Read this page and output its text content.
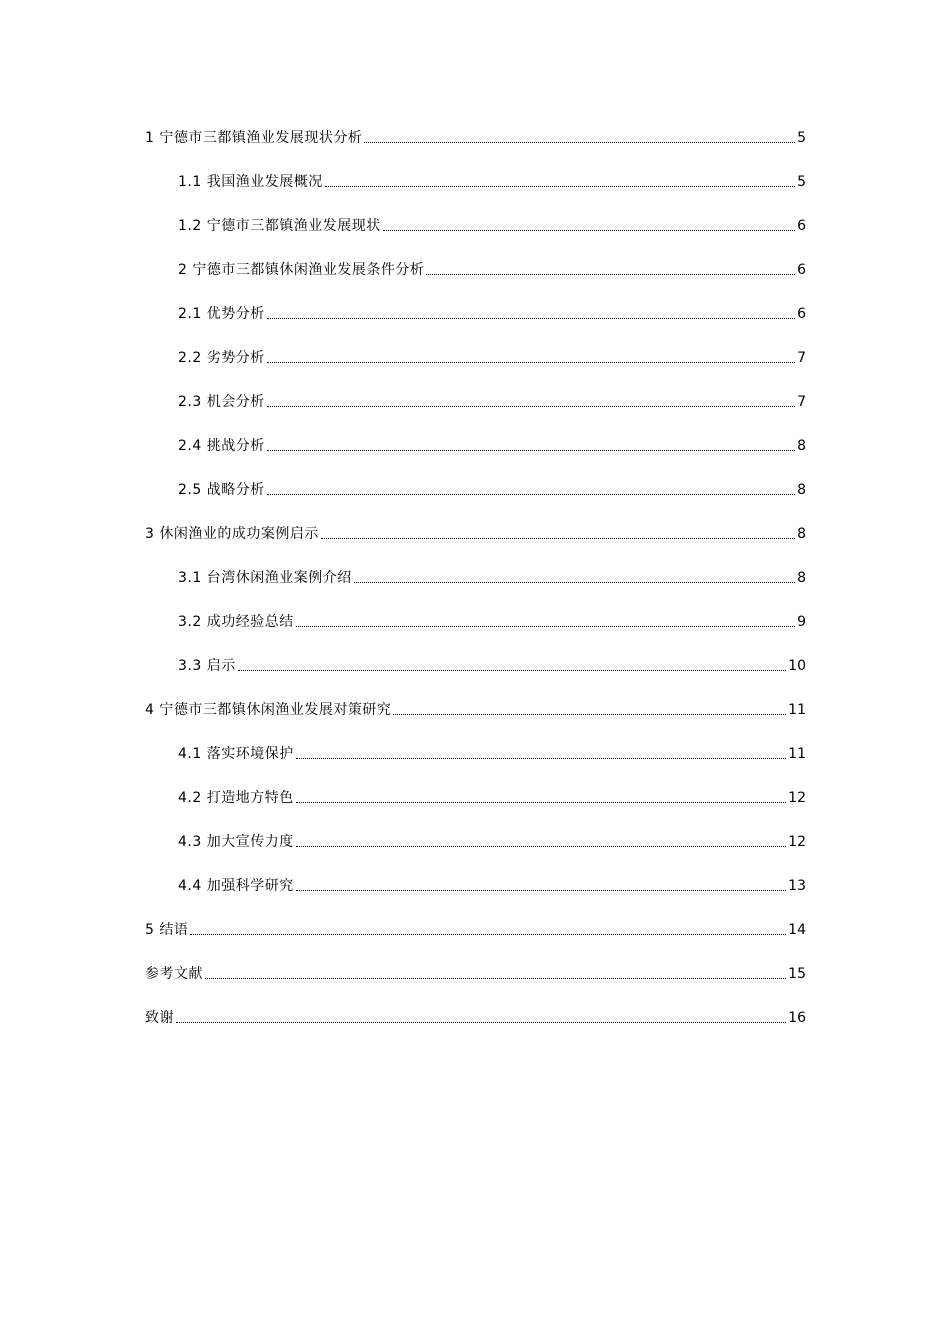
1 宁德市三都镇渔业发展现状分析	5
1.1 我国渔业发展概况	5
1.2 宁德市三都镇渔业发展现状	6
2 宁德市三都镇休闲渔业发展条件分析	6
2.1 优势分析	6
2.2 劣势分析	7
2.3 机会分析	7
2.4 挑战分析	8
2.5 战略分析	8
3 休闲渔业的成功案例启示	8
3.1 台湾休闲渔业案例介绍	8
3.2 成功经验总结	9
3.3 启示	10
4 宁德市三都镇休闲渔业发展对策研究	11
4.1 落实环境保护	11
4.2 打造地方特色	12
4.3 加大宣传力度	12
4.4 加强科学研究	13
5 结语	14
参考文献	15
致谢	16
